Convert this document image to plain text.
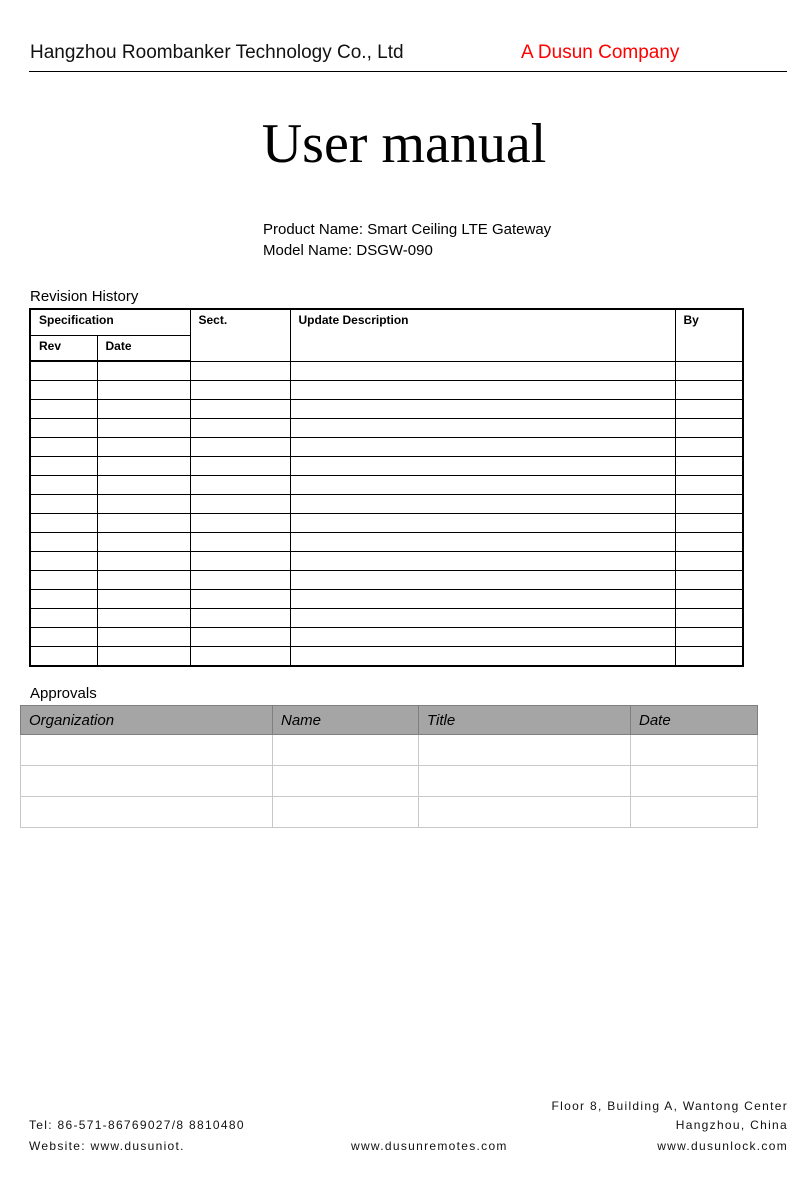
Hangzhou Roombanker Technology Co., Ltd	A Dusun Company
User manual
Product Name: Smart Ceiling LTE Gateway
Model Name: DSGW-090
Revision History
Specification		Sect.	Update Description	By

Rev	Date			

Approvals
Organization	Name	Title	Date

Floor 8, Building A, Wantong Center
Tel: 86-571-86769027/8 8810480	Hangzhou, China
Website: www.dusuniot.	www.dusunremotes.com	www.dusunlock.com
